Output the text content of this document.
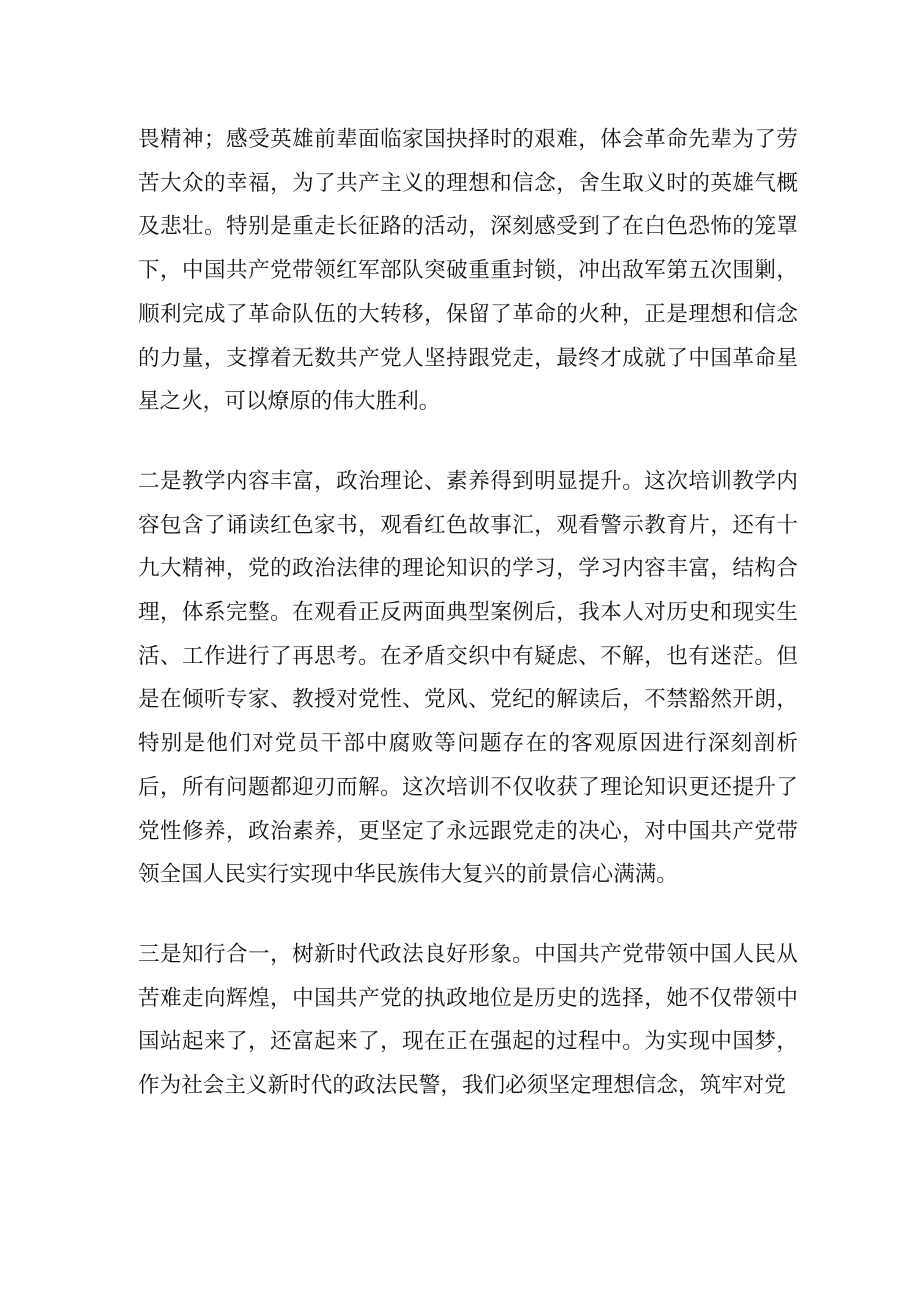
畏精神；感受英雄前辈面临家国抉择时的艰难，体会革命先辈为了劳苦大众的幸福，为了共产主义的理想和信念，舍生取义时的英雄气概及悲壮。特别是重走长征路的活动，深刻感受到了在白色恐怖的笼罩下，中国共产党带领红军部队突破重重封锁，冲出敌军第五次围剿，顺利完成了革命队伍的大转移，保留了革命的火种，正是理想和信念的力量，支撑着无数共产党人坚持跟党走，最终才成就了中国革命星星之火，可以燎原的伟大胜利。

二是教学内容丰富，政治理论、素养得到明显提升。这次培训教学内容包含了诵读红色家书，观看红色故事汇，观看警示教育片，还有十九大精神，党的政治法律的理论知识的学习，学习内容丰富，结构合理，体系完整。在观看正反两面典型案例后，我本人对历史和现实生活、工作进行了再思考。在矛盾交织中有疑虑、不解，也有迷茫。但是在倾听专家、教授对党性、党风、党纪的解读后，不禁豁然开朗，特别是他们对党员干部中腐败等问题存在的客观原因进行深刻剖析后，所有问题都迎刃而解。这次培训不仅收获了理论知识更还提升了党性修养，政治素养，更坚定了永远跟党走的决心，对中国共产党带领全国人民实行实现中华民族伟大复兴的前景信心满满。

三是知行合一，树新时代政法良好形象。中国共产党带领中国人民从苦难走向辉煌，中国共产党的执政地位是历史的选择，她不仅带领中国站起来了，还富起来了，现在正在强起的过程中。为实现中国梦，作为社会主义新时代的政法民警，我们必须坚定理想信念，筑牢对党
